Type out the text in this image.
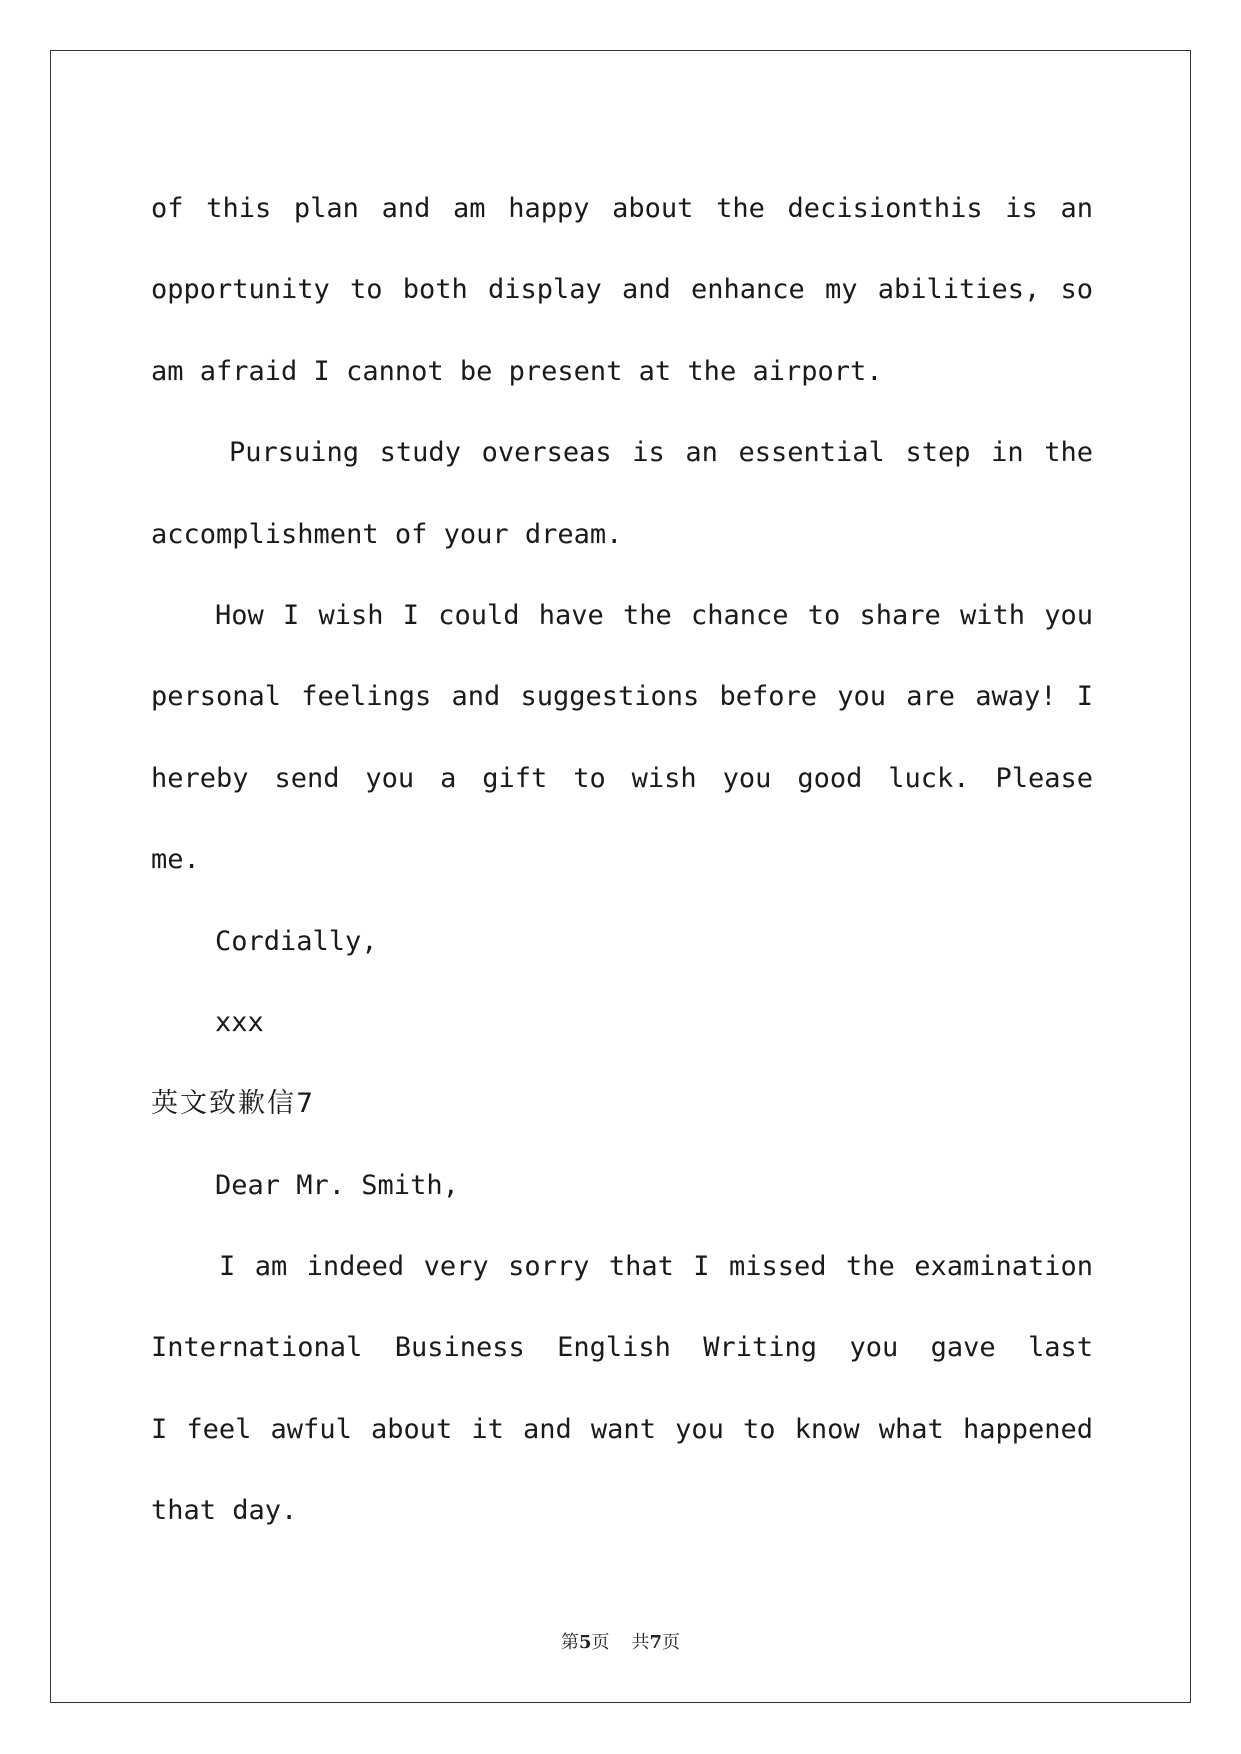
of this plan and am happy about the decisionthis is an
opportunity to both display and enhance my abilities, so
am afraid I cannot be present at the airport.
Pursuing study overseas is an essential step in the
accomplishment of your dream.
How I wish I could have the chance to share with you
personal feelings and suggestions before you are away! I
hereby send you a gift to wish you good luck. Please
me.
Cordially,
xxx
英文致歉信7
Dear Mr. Smith,
I am indeed very sorry that I missed the examination
International Business English Writing you gave last
I feel awful about it and want you to know what happened
that day.
第5页 共7页
